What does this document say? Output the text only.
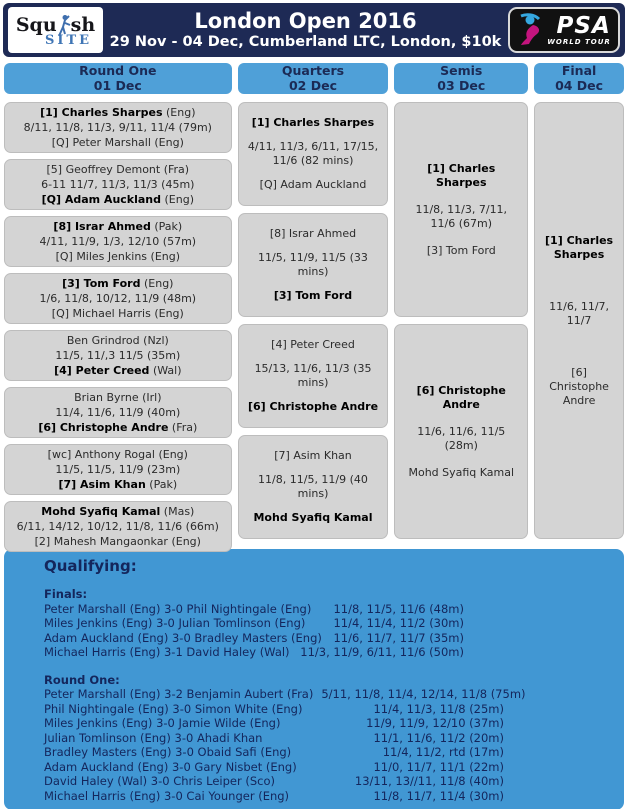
Squ sh
SITE
London Open 2016
29 Nov - 04 Dec, Cumberland LTC, London, $10k
PSA
WORLD TOUR
Round One
01 Dec
Quarters
02 Dec
Semis
03 Dec
Final
04 Dec
[1] Charles Sharpes (Eng)
8/11, 11/8, 11/3, 9/11, 11/4 (79m)
[Q] Peter Marshall (Eng)
[5] Geoffrey Demont (Fra)
6-11 11/7, 11/3, 11/3 (45m)
[Q] Adam Auckland (Eng)
[8] Israr Ahmed (Pak)
4/11, 11/9, 1/3, 12/10 (57m)
[Q] Miles Jenkins (Eng)
[3] Tom Ford (Eng)
1/6, 11/8, 10/12, 11/9 (48m)
[Q] Michael Harris (Eng)
Ben Grindrod (Nzl)
11/5, 11/,3 11/5 (35m)
[4] Peter Creed (Wal)
Brian Byrne (Irl)
11/4, 11/6, 11/9 (40m)
[6] Christophe Andre (Fra)
[wc] Anthony Rogal (Eng)
11/5, 11/5, 11/9 (23m)
[7] Asim Khan (Pak)
Mohd Syafiq Kamal (Mas)
6/11, 14/12, 10/12, 11/8, 11/6 (66m)
[2] Mahesh Mangaonkar (Eng)
[1] Charles Sharpes
4/11, 11/3, 6/11, 17/15, 11/6 (82 mins)
[Q] Adam Auckland
[8] Israr Ahmed
11/5, 11/9, 11/5 (33 mins)
[3] Tom Ford
[4] Peter Creed
15/13, 11/6, 11/3 (35 mins)
[6] Christophe Andre
[7] Asim Khan
11/8, 11/5, 11/9 (40 mins)
Mohd Syafiq Kamal
[1] Charles Sharpes
11/8, 11/3, 7/11, 11/6 (67m)
[3] Tom Ford
[6] Christophe Andre
11/6, 11/6, 11/5 (28m)
Mohd Syafiq Kamal
[1] Charles Sharpes
11/6, 11/7, 11/7
[6] Christophe Andre
Qualifying:
Finals:
Peter Marshall (Eng) 3-0 Phil Nightingale (Eng) 11/8, 11/5, 11/6 (48m)
Miles Jenkins (Eng) 3-0 Julian Tomlinson (Eng) 11/4, 11/4, 11/2 (30m)
Adam Auckland (Eng) 3-0 Bradley Masters (Eng) 11/6, 11/7, 11/7 (35m)
Michael Harris (Eng) 3-1 David Haley (Wal) 11/3, 11/9, 6/11, 11/6 (50m)
Round One:
Peter Marshall (Eng) 3-2 Benjamin Aubert (Fra) 5/11, 11/8, 11/4, 12/14, 11/8 (75m)
Phil Nightingale (Eng) 3-0 Simon White (Eng)	11/4, 11/3, 11/8 (25m)
Miles Jenkins (Eng) 3-0 Jamie Wilde (Eng)	11/9, 11/9, 12/10 (37m)
Julian Tomlinson (Eng) 3-0 Ahadi Khan	11/1, 11/6, 11/2 (20m)
Bradley Masters (Eng) 3-0 Obaid Safi (Eng)	11/4, 11/2, rtd (17m)
Adam Auckland (Eng) 3-0 Gary Nisbet (Eng)	11/0, 11/7, 11/1 (22m)
David Haley (Wal) 3-0 Chris Leiper (Sco)	13/11, 13//11, 11/8 (40m)
Michael Harris (Eng) 3-0 Cai Younger (Eng)	11/8, 11/7, 11/4 (30m)
